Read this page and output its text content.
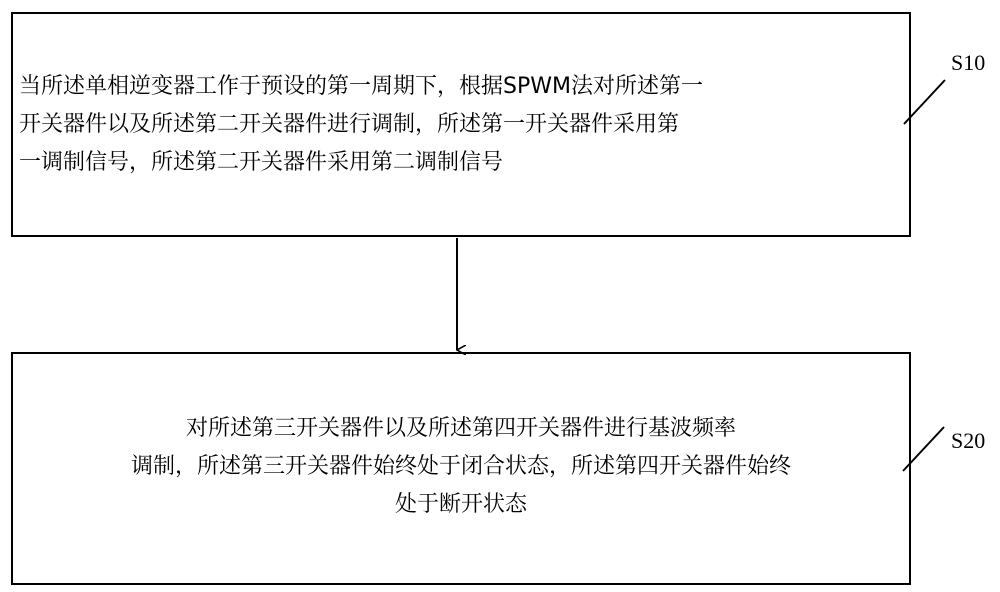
当所述单相逆变器工作于预设的第一周期下，根据SPWM法对所述第一
开关器件以及所述第二开关器件进行调制，所述第一开关器件采用第
一调制信号，所述第二开关器件采用第二调制信号

对所述第三开关器件以及所述第四开关器件进行基波频率
调制，所述第三开关器件始终处于闭合状态，所述第四开关器件始终
处于断开状态

S10
S20
